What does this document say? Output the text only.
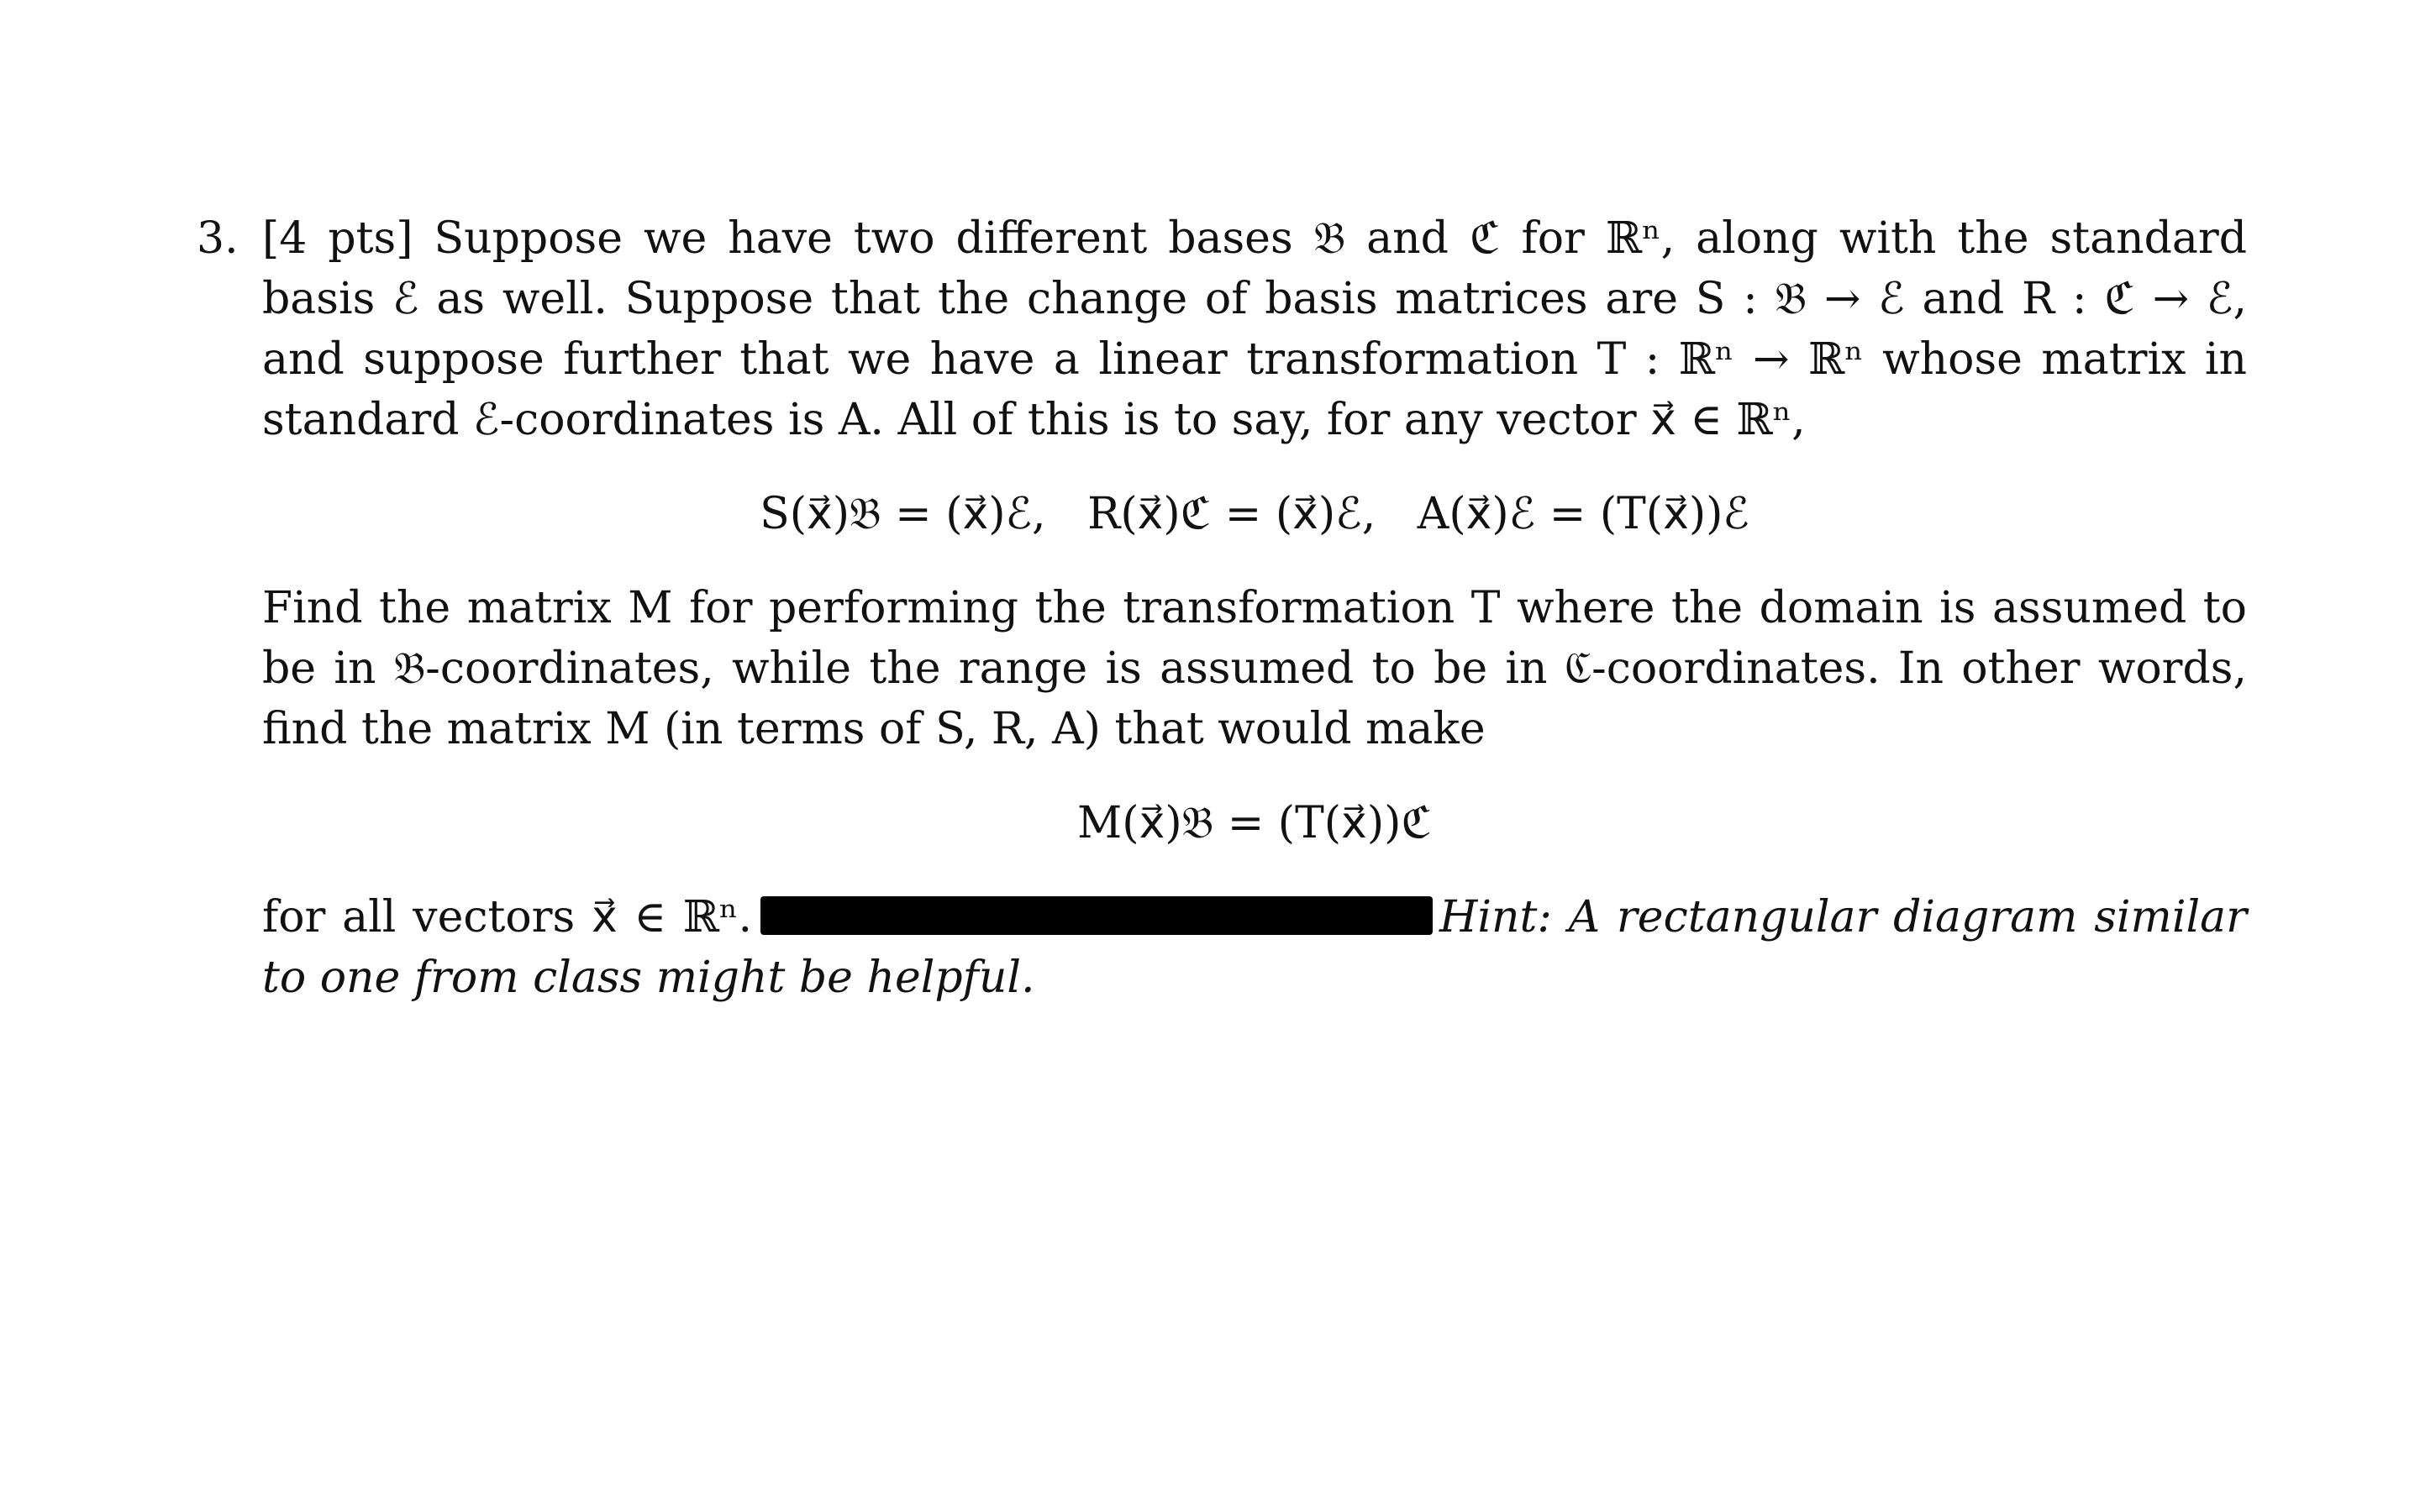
3. [4 pts] Suppose we have two different bases 𝔅 and ℭ for ℝⁿ, along with the standard basis ℰ as well. Suppose that the change of basis matrices are S : 𝔅 → ℰ and R : ℭ → ℰ, and suppose further that we have a linear transformation T : ℝⁿ → ℝⁿ whose matrix in standard ℰ-coordinates is A. All of this is to say, for any vector x⃗ ∈ ℝⁿ,
S(x⃗)𝔅 = (x⃗)ℰ,   R(x⃗)ℭ = (x⃗)ℰ,   A(x⃗)ℰ = (T(x⃗))ℰ
Find the matrix M for performing the transformation T where the domain is assumed to be in 𝔅-coordinates, while the range is assumed to be in ℭ-coordinates. In other words, find the matrix M (in terms of S, R, A) that would make
M(x⃗)𝔅 = (T(x⃗))ℭ
for all vectors x⃗ ∈ ℝⁿ.	Hint: A rectangular diagram similar to one from class might be helpful.
